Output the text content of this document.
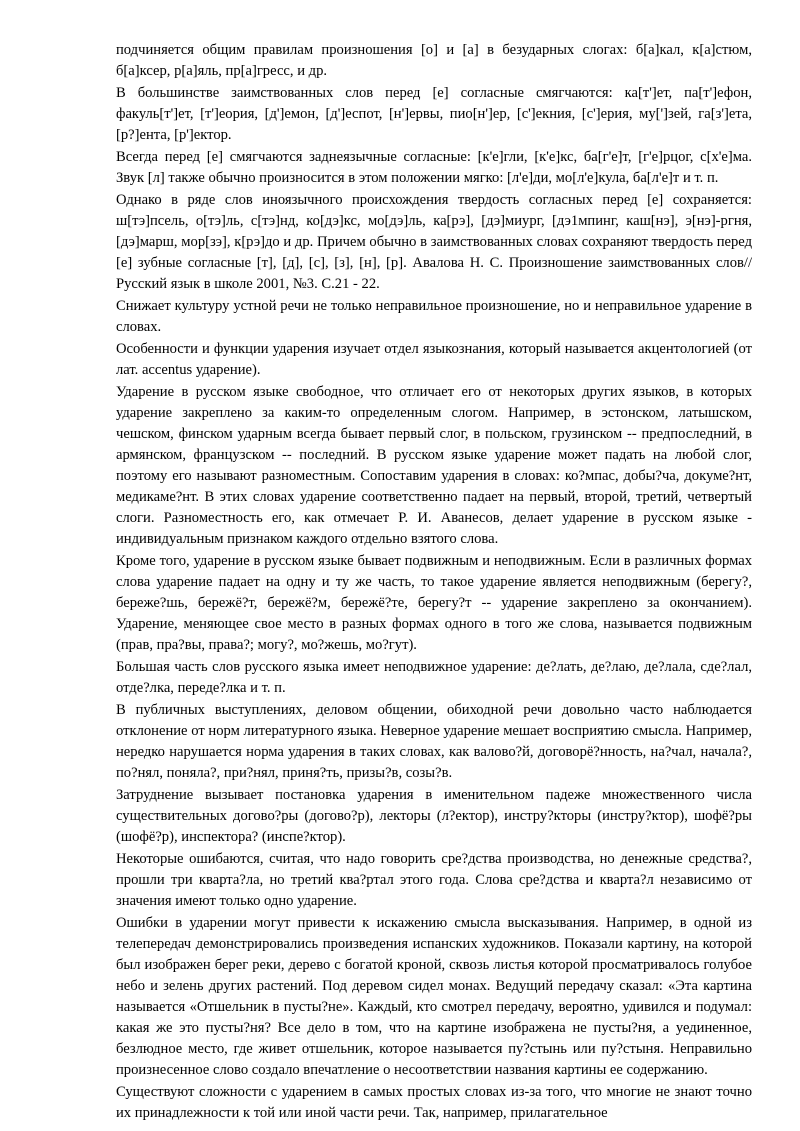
подчиняется общим правилам произношения [о] и [а] в безударных слогах: б[а]кал, к[а]стюм, б[а]ксер, р[а]яль, пр[а]гресс, и др.

В большинстве заимствованных слов перед [е] согласные смягчаются: ка[т']ет, па[т']ефон, факуль[т']ет, [т']еория, [д']емон, [д']еспот, [н']ервы, пио[н']ер, [с']екния, [с']ерия, му[']зей, га[з']ета, [р?]ента, [р']ектор.

Всегда перед [е] смягчаются заднеязычные согласные: [к'е]гли, [к'е]кс, ба[г'е]т, [г'е]рцог, с[х'е]ма. Звук [л] также обычно произносится в этом положении мягко: [л'е]ди, мо[л'е]кула, ба[л'е]т и т. п.

Однако в ряде слов иноязычного происхождения твердость согласных перед [е] сохраняется: ш[тэ]псель, о[тэ]ль, с[тэ]нд, ко[дэ]кс, мо[дэ]ль, ка[рэ], [дэ]миург, [дэ1мпинг, каш[нэ], э[нэ]-ргня, [дэ]марш, мор[зэ], к[рэ]до и др. Причем обычно в заимствованных словах сохраняют твердость перед [е] зубные согласные [т], [д], [с], [з], [н], [р]. Авалова Н. С. Произношение заимствованных слов// Русский язык в школе 2001, №3. С.21 - 22.

Снижает культуру устной речи не только неправильное произношение, но и неправильное ударение в словах.

Особенности и функции ударения изучает отдел языкознания, который называется акцентологией (от лат. accentus ударение).

Ударение в русском языке свободное, что отличает его от некоторых других языков, в которых ударение закреплено за каким-то определенным слогом. Например, в эстонском, латышском, чешском, финском ударным всегда бывает первый слог, в польском, грузинском -- предпоследний, в армянском, французском -- последний. В русском языке ударение может падать на любой слог, поэтому его называют разноместным. Сопоставим ударения в словах: ко?мпас, добы?ча, докуме?нт, медикаме?нт. В этих словах ударение соответственно падает на первый, второй, третий, четвертый слоги. Разноместность его, как отмечает Р. И. Аванесов, делает ударение в русском языке - индивидуальным признаком каждого отдельно взятого слова.

Кроме того, ударение в русском языке бывает подвижным и неподвижным. Если в различных формах слова ударение падает на одну и ту же часть, то такое ударение является неподвижным (берегу?, береже?шь, бережё?т, бережё?м, бережё?те, берегу?т -- ударение закреплено за окончанием). Ударение, меняющее свое место в разных формах одного в того же слова, называется подвижным (прав, пра?вы, права?; могу?, мо?жешь, мо?гут).

Большая часть слов русского языка имеет неподвижное ударение: де?лать, де?лаю, де?лала, сде?лал, отде?лка, переде?лка и т. п.

В публичных выступлениях, деловом общении, обиходной речи довольно часто наблюдается отклонение от норм литературного языка. Неверное ударение мешает восприятию смысла. Например, нередко нарушается норма ударения в таких словах, как валово?й, договорё?нность, на?чал, начала?, по?нял, поняла?, при?нял, приня?ть, призы?в, созы?в.

Затруднение вызывает постановка ударения в именительном падеже множественного числа существительных догово?ры (догово?р), лекторы (л?ектор), инстру?кторы (инстру?ктор), шофё?ры (шофё?р), инспектора? (инспе?ктор).

Некоторые ошибаются, считая, что надо говорить сре?дства производства, но денежные средства?, прошли три кварта?ла, но третий ква?ртал этого года. Слова сре?дства и кварта?л независимо от значения имеют только одно ударение.

Ошибки в ударении могут привести к искажению смысла высказывания. Например, в одной из телепередач демонстрировались произведения испанских художников. Показали картину, на которой был изображен берег реки, дерево с богатой кроной, сквозь листья которой просматривалось голубое небо и зелень других растений. Под деревом сидел монах. Ведущий передачу сказал: «Эта картина называется «Отшельник в пусты?не». Каждый, кто смотрел передачу, вероятно, удивился и подумал: какая же это пусты?ня? Все дело в том, что на картине изображена не пусты?ня, а уединенное, безлюдное место, где живет отшельник, которое называется пу?стынь или пу?стыня. Неправильно произнесенное слово создало впечатление о несоответствии названия картины ее содержанию.

Существуют сложности с ударением в самых простых словах из-за того, что многие не знают точно их принадлежности к той или иной части речи. Так, например, прилагательное
